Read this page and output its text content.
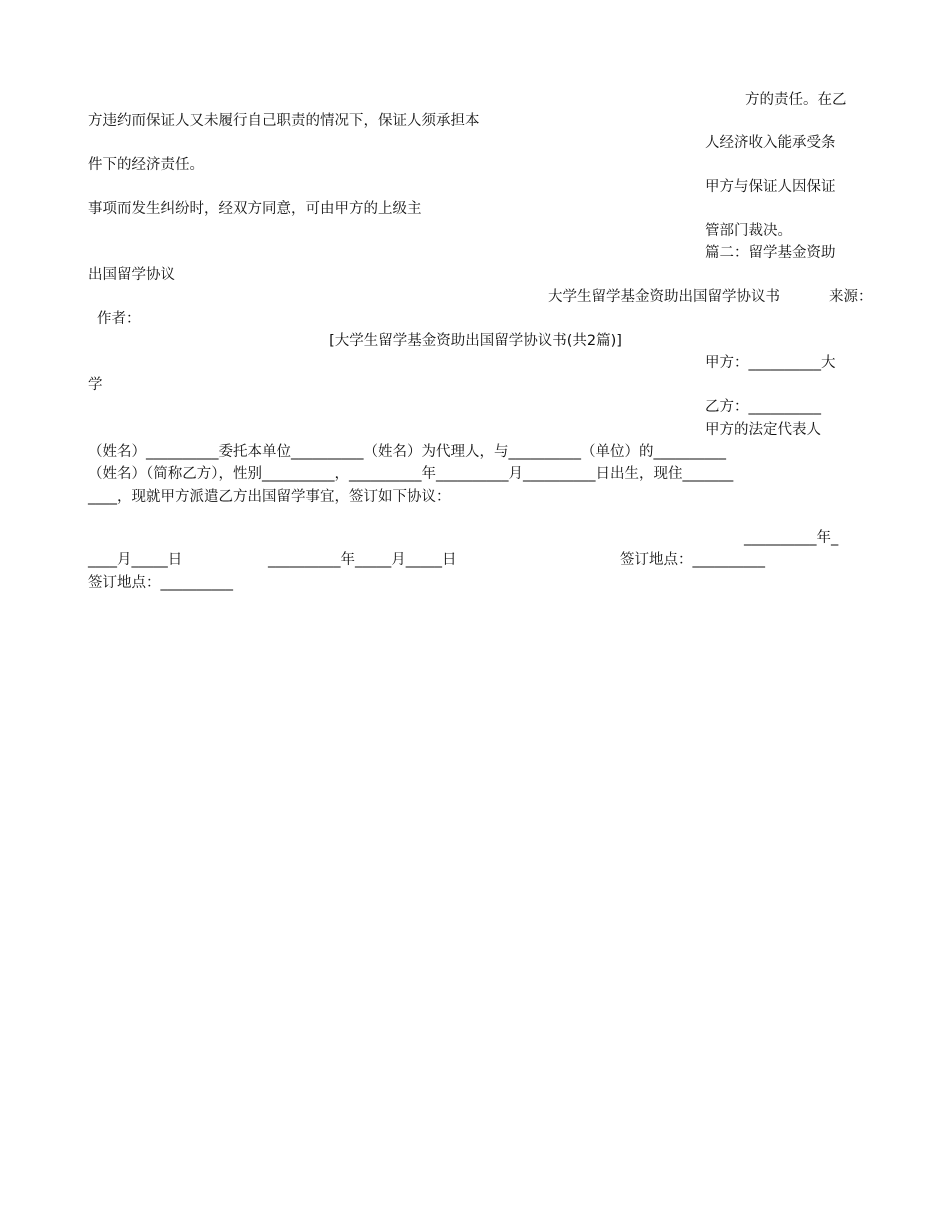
方的责任。在乙
方违约而保证人又未履行自己职责的情况下，保证人须承担本
人经济收入能承受条
件下的经济责任。
甲方与保证人因保证
事项而发生纠纷时，经双方同意，可由甲方的上级主
管部门裁决。
篇二：留学基金资助
出国留学协议
大学生留学基金资助出国留学协议书	来源：
作者：
[大学生留学基金资助出国留学协议书(共2篇)]
甲方：__________大
学
乙方：__________
甲方的法定代表人
（姓名）__________委托本单位__________（姓名）为代理人，与__________（单位）的__________
（姓名）（简称乙方），性别__________，__________年__________月__________日出生，现住_______
____，现就甲方派遣乙方出国留学事宜，签订如下协议：
__________年_
____月_____日	__________年_____月_____日	签订地点：__________
签订地点：__________
